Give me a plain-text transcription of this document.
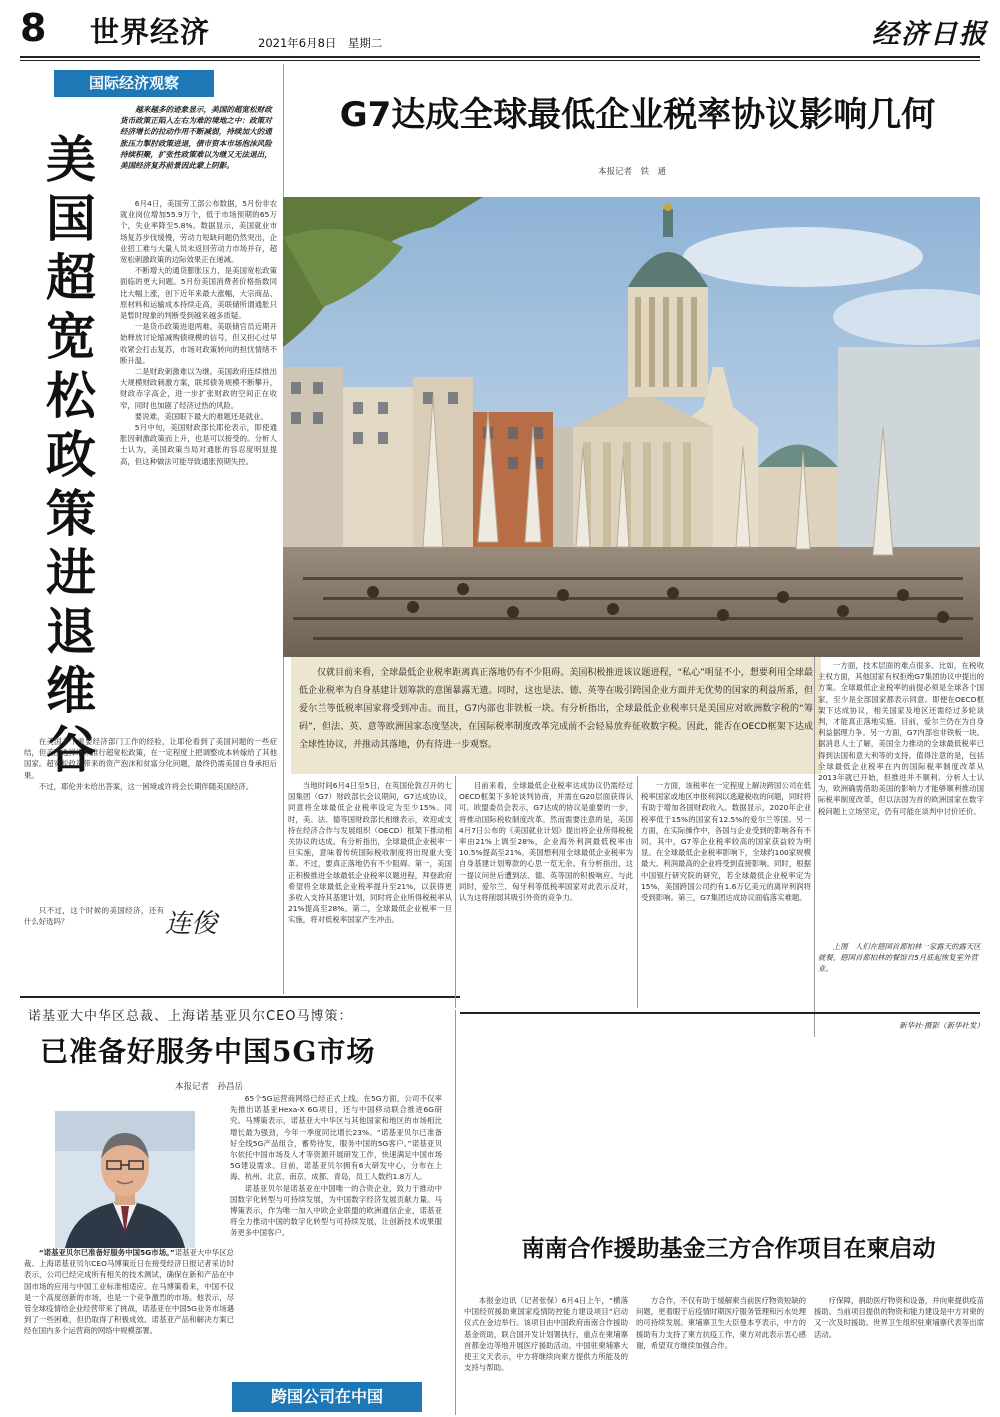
8 世界经济	2021年6月8日　星期二	经济日报
国际经济观察
美国超宽松政策进退维谷
越来越多的迹象显示，美国的超宽松财政货币政策正陷入左右为难的境地之中：政策对经济增长的拉动作用不断减弱，持续加大的通胀压力掣肘政策进退，债市资本市场泡沫风险持续积聚，扩张性政策难以为继又无法退出，美国经济复苏前景因此蒙上阴影。

6月4日，美国劳工部公布数据，5月份非农就业岗位增加55.9万个，低于市场预期的65万个，失业率降至5.8%。数据显示，美国就业市场复苏步伐缓慢，劳动力短缺问题仍然突出，企业招工难与大量人员未返回劳动力市场并存，超宽松刺激政策的边际效果正在递减。

不断增大的通货膨胀压力，是美国宽松政策面临的更大问题。5月份美国消费者价格指数同比大幅上涨，创下近年来最大涨幅，大宗商品、原材料和运输成本持续走高，美联储所谓通胀只是暂时现象的判断受到越来越多质疑。

一是货币政策进退两难。美联储官员近期开始释放讨论缩减购债规模的信号，但又担心过早收紧会打击复苏，市场对政策转向的担忧情绪不断升温。

二是财政刺激难以为继。美国政府连续推出大规模财政刺激方案，联邦债务规模不断攀升，财政赤字高企，进一步扩张财政的空间正在收窄，同时也加剧了经济过热的风险。

要说难，美国眼下最大的难题还是就业。

5月中旬，美国财政部长耶伦表示，即使通胀因刺激政策而上升，也是可以接受的。分析人士认为，美国政策当局对通胀的容忍度明显提高，但这种做法可能导致通胀预期失控。

在美国多个重要经济部门工作的经验，让耶伦看到了美国问题的一些症结，但美国选择继续推行超宽松政策，在一定程度上把调整成本转嫁给了其他国家。超宽松政策带来的资产泡沫和贫富分化问题，最终仍需美国自身承担后果。

不过，耶伦并未给出答案，这一困境或许将会长期伴随美国经济。

只不过，这个时候的美国经济，还有什么好选吗？	连俊
G7达成全球最低企业税率协议影响几何
本报记者　铁　通

仅就目前来看，全球最低企业税率距离真正落地仍有不少阻碍。美国积极推进该议题进程，“私心”明显不小，想要利用全球最低企业税率为自身基建计划筹款的意图暴露无遗。同时，这也是法、德、英等在吸引跨国企业方面并无优势的国家的利益所系，但爱尔兰等低税率国家将受到冲击。而且，G7内部也非铁板一块。有分析指出，全球最低企业税率只是美国应对欧洲数字税的“筹码”，但法、英、意等欧洲国家态度坚决，在国际税率制度改革完成前不会轻易放弃征收数字税。因此，能否在OECD框架下达成全球性协议，并推动其落地，仍有待进一步观察。

当地时间6月4日至5日，在英国伦敦召开的七国集团（G7）财政部长会议期间，G7达成协议，同意将全球最低企业税率设定为至少15%。同时，美、法、德等国财政部长相继表示，欢迎或支持在经济合作与发展组织（OECD）框架下推动相关协议的达成。有分析指出，全球最低企业税率一旦实施，意味着传统国际税收制度将出现重大变革。不过，要真正落地仍有不少阻碍。第一，美国正积极推进全球最低企业税率议题进程，拜登政府希望将全球最低企业税率提升至21%，以获得更多收入支持其基建计划，同时将企业所得税税率从21%提高至28%。第二，全球最低企业税率一旦实施，将对低税率国家产生冲击。

目前来看，全球最低企业税率达成协议仍需经过OECD框架下多轮谈判协商，并需在G20层面获得认可。欧盟委员会表示，G7达成的协议是重要的一步，将推动国际税收制度改革。然而需要注意的是，美国4月7日公布的《美国就业计划》提出将企业所得税税率由21%上调至28%，企业海外利润最低税率由10.5%提高至21%。美国想利用全球最低企业税率为自身基建计划筹款的心思一览无余。有分析指出，这一提议问世后遭到法、德、英等国的积极响应。与此同时，爱尔兰、匈牙利等低税率国家对此表示反对，认为这将削弱其吸引外资的竞争力。

一方面，该税率在一定程度上解决跨国公司在低税率国家或地区申报利润以逃避税收的问题，同时将有助于增加各国财政收入。数据显示，2020年企业税率低于15%的国家有12.5%的爱尔兰等国。另一方面，在实际操作中，各国与企业受到的影响各有不同。其中，G7等企业税率较高的国家获益较为明显。在全球最低企业税率影响下，全球约100家规模最大、利润最高的企业将受到直接影响。同时，根据中国银行研究院的研究，若全球最低企业税率定为15%，美国跨国公司约有1.6万亿美元的离岸利润将受到影响。第三，G7集团达成协议面临落实难题。

一方面，技术层面的难点很多。比如，在税收主权方面，其他国家有权拒绝G7集团协议中提出的方案。全球最低企业税率的前提必须是全球各个国家，至少是全部国家都表示同意。即便在OECD框架下达成协议，相关国家及地区还需经过多轮谈判，才能真正落地实施。目前，爱尔兰仍在为自身利益据理力争。另一方面，G7内部也非铁板一块。据消息人士了解，美国全力推动的全球最低税率已得到法国和意大利等的支持。值得注意的是，包括全球最低企业税率在内的国际税率制度改革从2013年就已开始，但推进并不顺利。分析人士认为，欧洲确需借助美国的影响力才能够顺利推动国际税率制度改革，但以法国为首的欧洲国家在数字税问题上立场坚定，仍有可能在谈判中讨价还价。

上图　人们在德国首都柏林一家露天的露天区就餐。德国首都柏林的餐馆自5月底起恢复室外营业。

新华社·摄影（新华社发）
诺基亚大中华区总裁、上海诺基亚贝尔CEO马博策：
已准备好服务中国5G市场
本报记者　孙昌岳

“诺基亚贝尔已准备好服务中国5G市场。”诺基亚大中华区总裁、上海诺基亚贝尔CEO马博策近日在接受经济日报记者采访时表示，公司已经完成所有相关的技术测试，确保在新和产品在中国市场的应用与中国工业标准相适应。在马博策看来，中国不仅是一个高度创新的市场，也是一个竞争激烈的市场。他表示，尽管全球疫情给企业经营带来了挑战，诺基亚在中国5G业务市场遇到了一些困难，但仍取得了积极成效。诺基亚产品和解决方案已经在国内多个运营商的网络中规模部署。

65个5G运营商网络已经正式上线。在5G方面，公司不仅率先推出诺基亚Hexa-X 6G项目，还与中国移动联合推进6G研究。马博策表示，诺基亚大中华区与其他国家和地区的市场相比增长最为强劲，今年一季度同比增长23%。“诺基亚贝尔已准备好全线5G产品组合，蓄势待发，服务中国的5G客户。”诺基亚贝尔依托中国市场及人才等资源开展研发工作，快速满足中国市场5G建设需求。目前，诺基亚贝尔拥有6大研发中心，分布在上海、杭州、北京、南京、成都、青岛，员工人数约1.8万人。

诺基亚贝尔是诺基亚在中国唯一的合资企业，致力于推动中国数字化转型与可持续发展，为中国数字经济发展贡献力量。马博策表示，作为唯一加入中欧企业联盟的欧洲通信企业，诺基亚将全力推动中国的数字化转型与可持续发展，让创新技术成果服务更多中国客户。

跨国公司在中国
南南合作援助基金三方合作项目在柬启动

本报金边讯（记者张保）6月4日上午，“横落中国经贸援助柬国家疫情防控能力建设项目”启动仪式在金边举行。该项目由中国政府南南合作援助基金资助，联合国开发计划署执行，重点在柬埔寨首都金边等地开展医疗援助活动。中国驻柬埔寨大使王文天表示，中方将继续向柬方提供力所能及的支持与帮助。

方合作，不仅有助于缓解柬当前医疗物资短缺的问题，更着眼于后疫情时期医疗服务管理和污水处理的可持续发展。柬埔寨卫生大臣曼本亨表示，中方的援助有力支持了柬方抗疫工作，柬方对此表示衷心感谢，希望双方继续加强合作。

疗保障，捐助医疗物资和设备，并向柬提供疫苗援助。当前项目提供的物资和能力建设是中方对柬的又一次及时援助。世界卫生组织驻柬埔寨代表等出席活动。
